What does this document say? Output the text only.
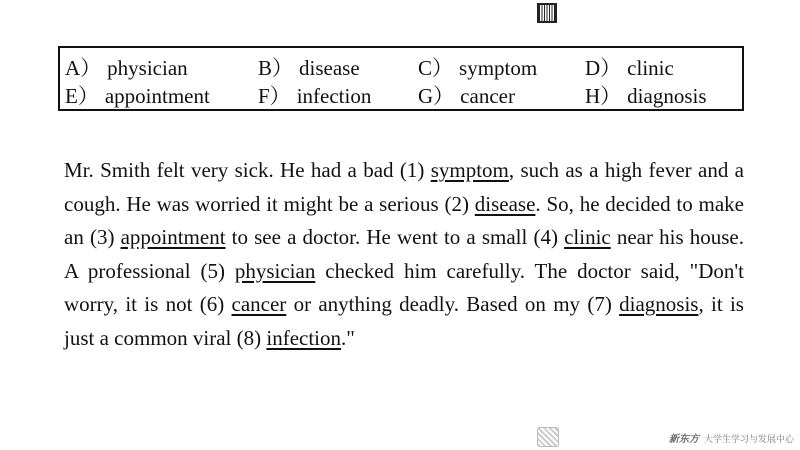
A） physician	B） disease	C） symptom D） clinic
E） appointment F） infection G） cancer	H） diagnosis
Mr. Smith felt very sick. He had a bad (1) symptom, such as a high fever and a cough. He was worried it might be a serious (2) disease. So, he decided to make an (3) appointment to see a doctor. He went to a small (4) clinic near his house. A professional (5) physician checked him carefully. The doctor said, "Don't worry, it is not (6) cancer or anything deadly. Based on my (7) diagnosis, it is just a common viral (8) infection."
新东方 大学生学习与发展中心
